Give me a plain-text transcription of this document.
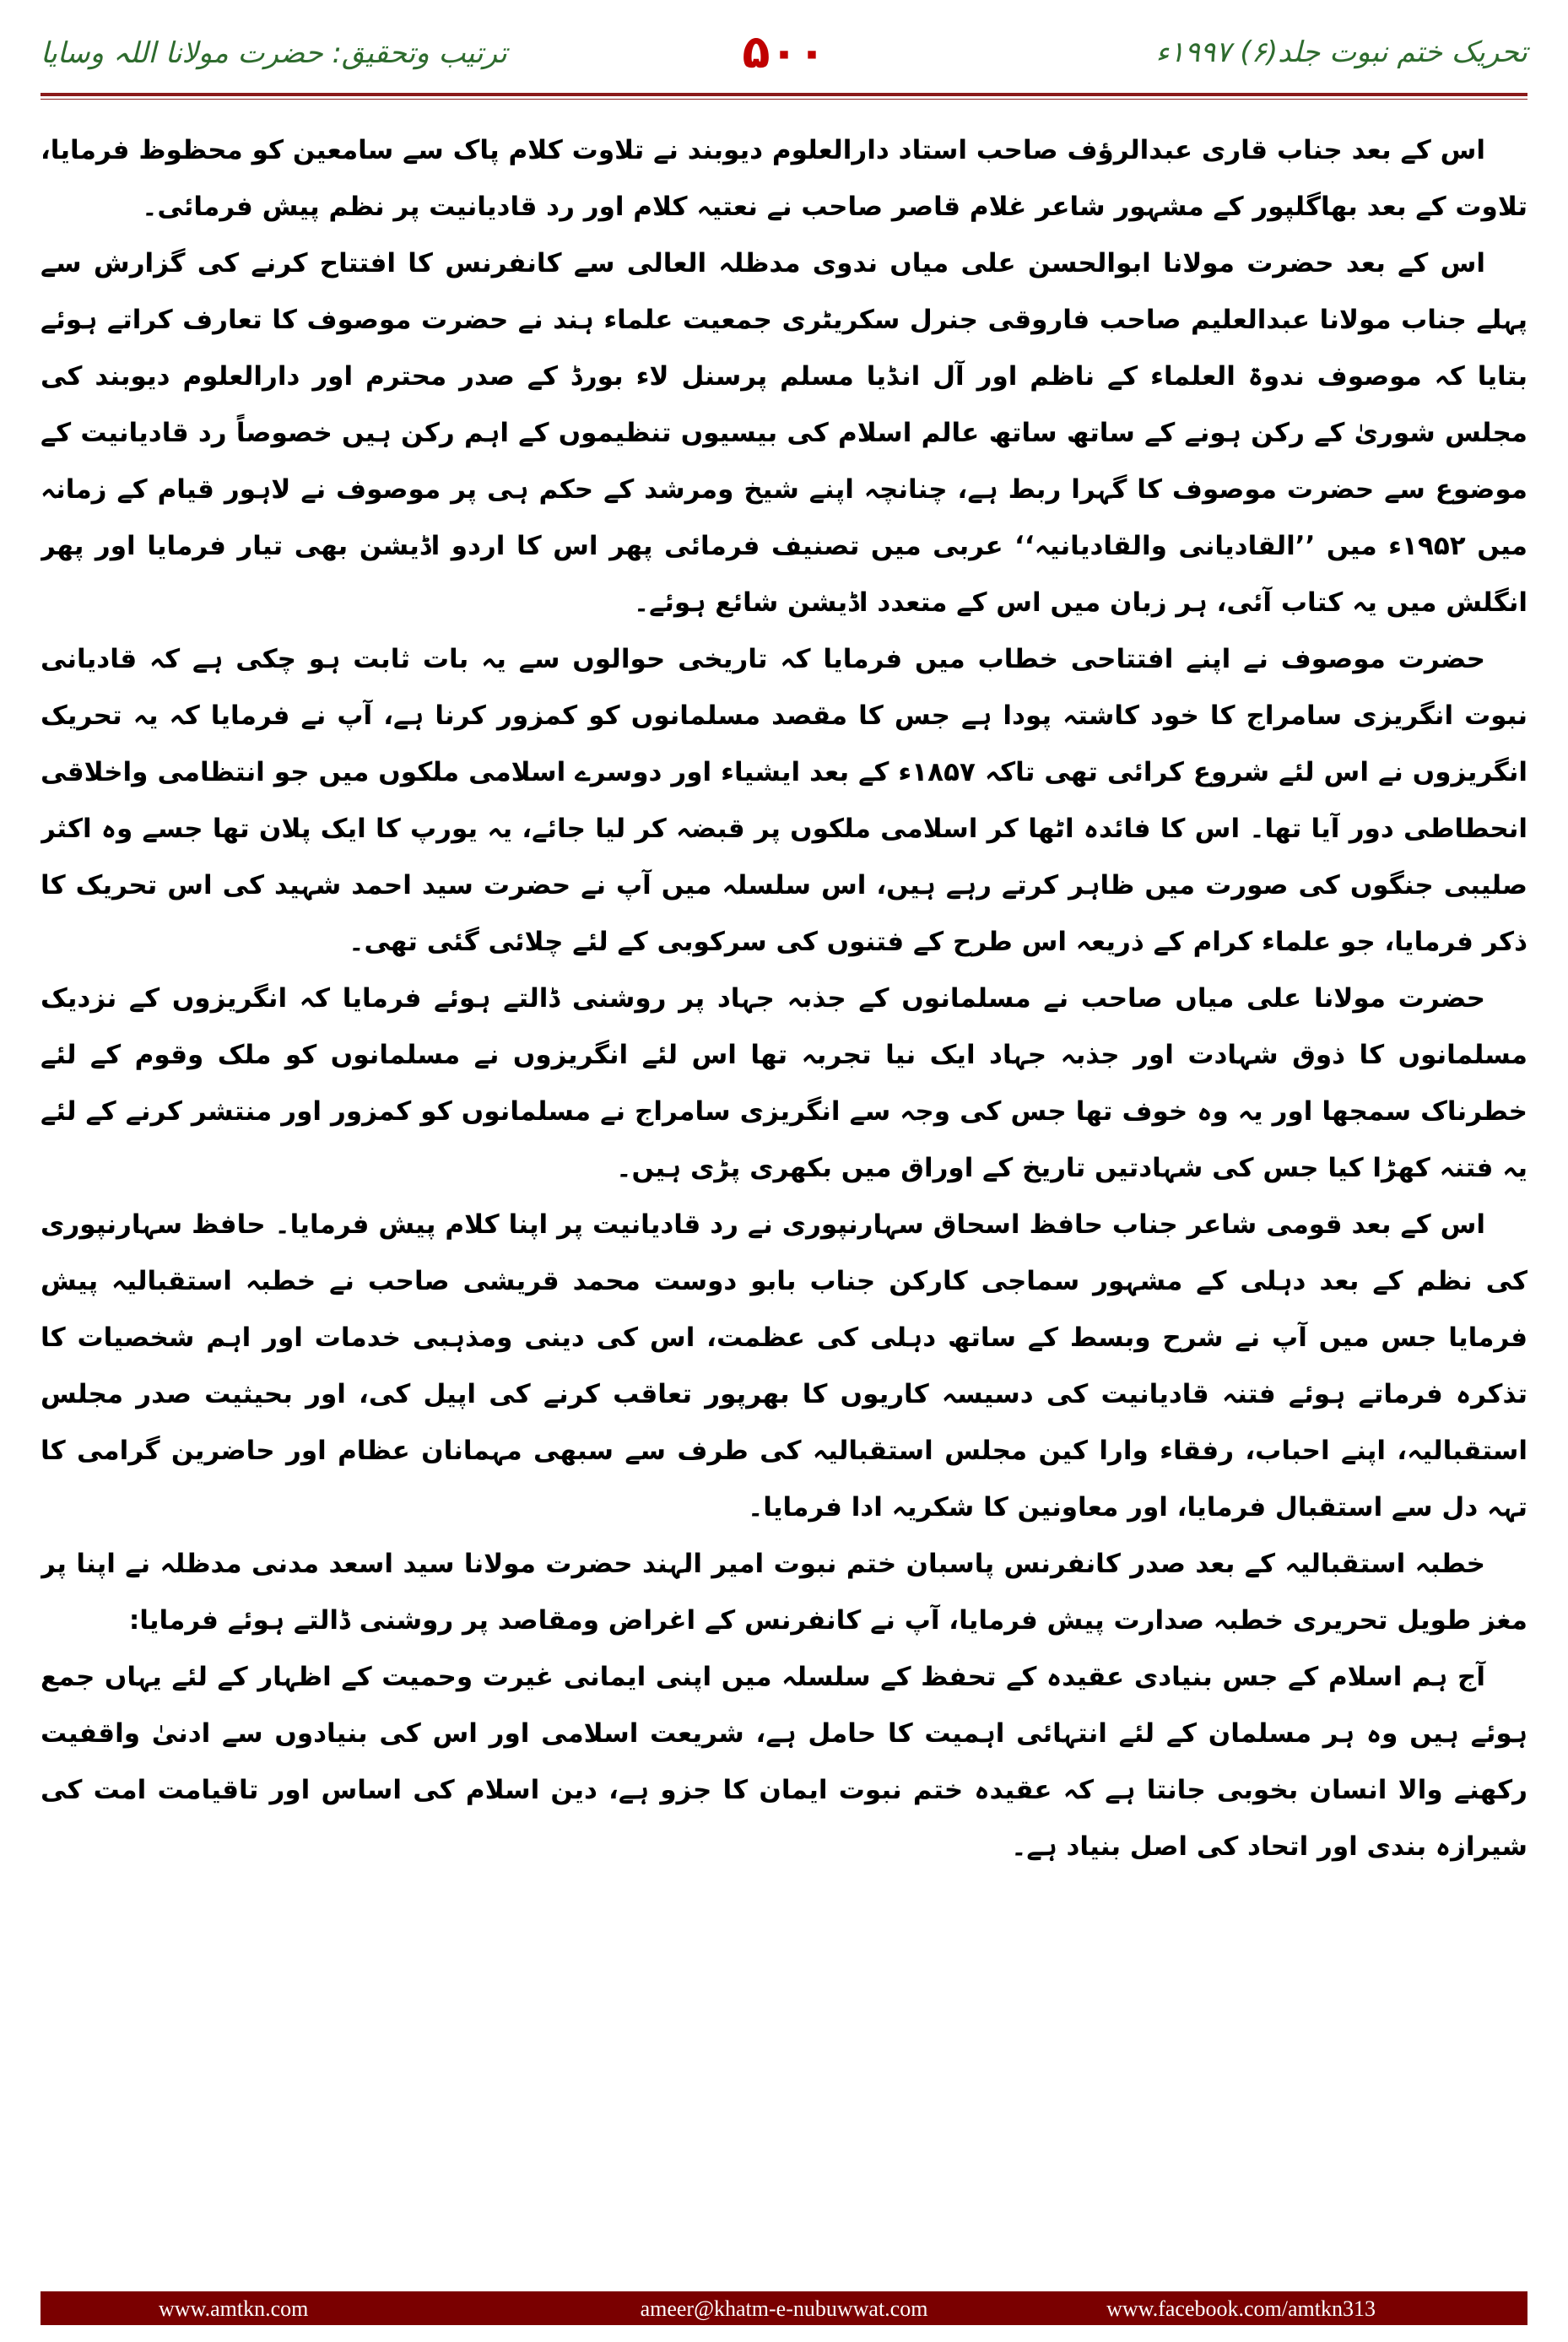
ترتیب وتحقیق: حضرت مولانا اللہ وسایا	۵۰۰	تحریک ختم نبوت جلد(۶) ۱۹۹۷ء

اس کے بعد جناب قاری عبدالرؤف صاحب استاد دارالعلوم دیوبند نے تلاوت کلام پاک سے سامعین کو محظوظ فرمایا، تلاوت کے بعد بھاگلپور کے مشہور شاعر غلام قاصر صاحب نے نعتیہ کلام اور رد قادیانیت پر نظم پیش فرمائی۔

اس کے بعد حضرت مولانا ابوالحسن علی میاں ندوی مدظلہ العالی سے کانفرنس کا افتتاح کرنے کی گزارش سے پہلے جناب مولانا عبدالعلیم صاحب فاروقی جنرل سکریٹری جمعیت علماء ہند نے حضرت موصوف کا تعارف کراتے ہوئے بتایا کہ موصوف ندوۃ العلماء کے ناظم اور آل انڈیا مسلم پرسنل لاء بورڈ کے صدر محترم اور دارالعلوم دیوبند کی مجلس شوریٰ کے رکن ہونے کے ساتھ ساتھ عالم اسلام کی بیسیوں تنظیموں کے اہم رکن ہیں خصوصاً رد قادیانیت کے موضوع سے حضرت موصوف کا گہرا ربط ہے، چنانچہ اپنے شیخ ومرشد کے حکم ہی پر موصوف نے لاہور قیام کے زمانہ میں ۱۹۵۲ء میں ’’القادیانی والقادیانیہ‘‘ عربی میں تصنیف فرمائی پھر اس کا اردو اڈیشن بھی تیار فرمایا اور پھر انگلش میں یہ کتاب آئی، ہر زبان میں اس کے متعدد اڈیشن شائع ہوئے۔

حضرت موصوف نے اپنے افتتاحی خطاب میں فرمایا کہ تاریخی حوالوں سے یہ بات ثابت ہو چکی ہے کہ قادیانی نبوت انگریزی سامراج کا خود کاشتہ پودا ہے جس کا مقصد مسلمانوں کو کمزور کرنا ہے، آپ نے فرمایا کہ یہ تحریک انگریزوں نے اس لئے شروع کرائی تھی تاکہ ۱۸۵۷ء کے بعد ایشیاء اور دوسرے اسلامی ملکوں میں جو انتظامی واخلاقی انحطاطی دور آیا تھا۔ اس کا فائدہ اٹھا کر اسلامی ملکوں پر قبضہ کر لیا جائے، یہ یورپ کا ایک پلان تھا جسے وہ اکثر صلیبی جنگوں کی صورت میں ظاہر کرتے رہے ہیں، اس سلسلہ میں آپ نے حضرت سید احمد شہید کی اس تحریک کا ذکر فرمایا، جو علماء کرام کے ذریعہ اس طرح کے فتنوں کی سرکوبی کے لئے چلائی گئی تھی۔

حضرت مولانا علی میاں صاحب نے مسلمانوں کے جذبہ جہاد پر روشنی ڈالتے ہوئے فرمایا کہ انگریزوں کے نزدیک مسلمانوں کا ذوق شہادت اور جذبہ جہاد ایک نیا تجربہ تھا اس لئے انگریزوں نے مسلمانوں کو ملک وقوم کے لئے خطرناک سمجھا اور یہ وہ خوف تھا جس کی وجہ سے انگریزی سامراج نے مسلمانوں کو کمزور اور منتشر کرنے کے لئے یہ فتنہ کھڑا کیا جس کی شہادتیں تاریخ کے اوراق میں بکھری پڑی ہیں۔

اس کے بعد قومی شاعر جناب حافظ اسحاق سہارنپوری نے رد قادیانیت پر اپنا کلام پیش فرمایا۔ حافظ سہارنپوری کی نظم کے بعد دہلی کے مشہور سماجی کارکن جناب بابو دوست محمد قریشی صاحب نے خطبہ استقبالیہ پیش فرمایا جس میں آپ نے شرح وبسط کے ساتھ دہلی کی عظمت، اس کی دینی ومذہبی خدمات اور اہم شخصیات کا تذکرہ فرماتے ہوئے فتنہ قادیانیت کی دسیسہ کاریوں کا بھرپور تعاقب کرنے کی اپیل کی، اور بحیثیت صدر مجلس استقبالیہ، اپنے احباب، رفقاء وارا کین مجلس استقبالیہ کی طرف سے سبھی مہمانان عظام اور حاضرین گرامی کا تہہ دل سے استقبال فرمایا، اور معاونین کا شکریہ ادا فرمایا۔

خطبہ استقبالیہ کے بعد صدر کانفرنس پاسبان ختم نبوت امیر الہند حضرت مولانا سید اسعد مدنی مدظلہ نے اپنا پر مغز طویل تحریری خطبہ صدارت پیش فرمایا، آپ نے کانفرنس کے اغراض ومقاصد پر روشنی ڈالتے ہوئے فرمایا:

آج ہم اسلام کے جس بنیادی عقیدہ کے تحفظ کے سلسلہ میں اپنی ایمانی غیرت وحمیت کے اظہار کے لئے یہاں جمع ہوئے ہیں وہ ہر مسلمان کے لئے انتہائی اہمیت کا حامل ہے، شریعت اسلامی اور اس کی بنیادوں سے ادنیٰ واقفیت رکھنے والا انسان بخوبی جانتا ہے کہ عقیدہ ختم نبوت ایمان کا جزو ہے، دین اسلام کی اساس اور تاقیامت امت کی شیرازہ بندی اور اتحاد کی اصل بنیاد ہے۔

www.amtkn.com	ameer@khatm-e-nubuwwat.com	www.facebook.com/amtkn313
